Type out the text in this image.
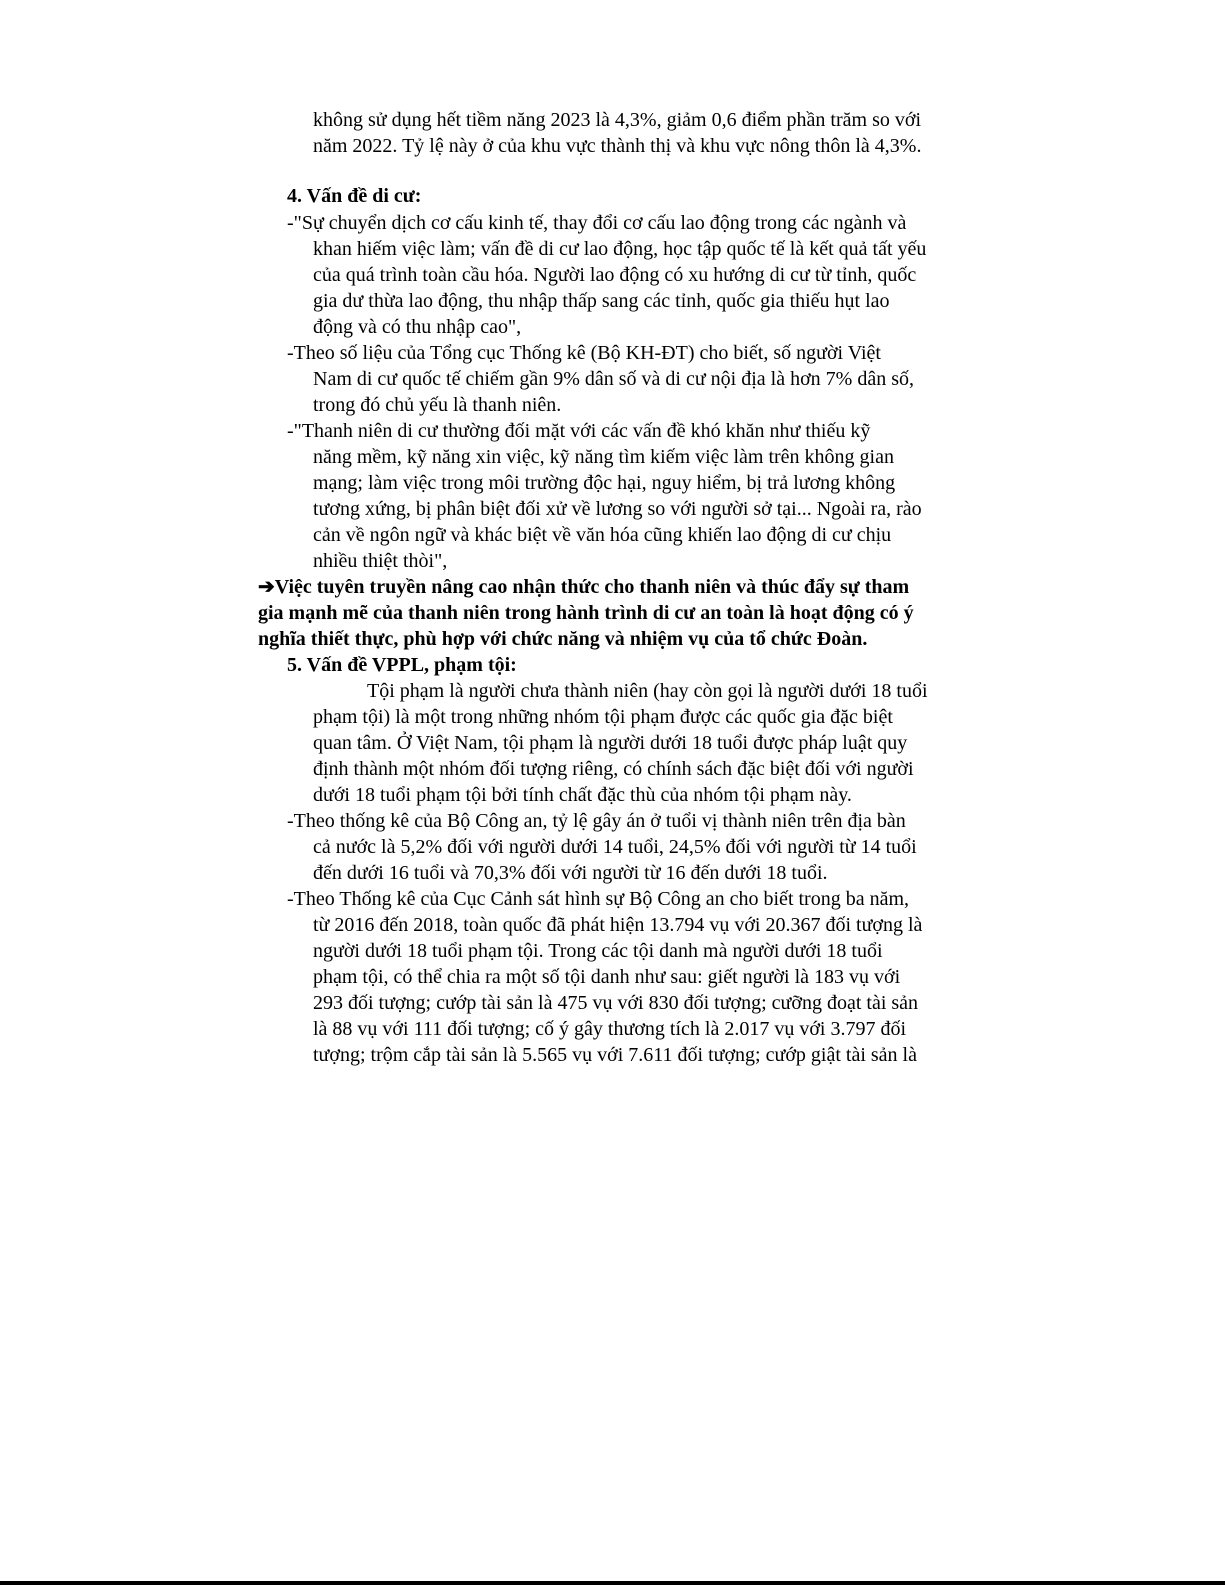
không sử dụng hết tiềm năng 2023 là 4,3%, giảm 0,6 điểm phần trăm so với
năm 2022. Tỷ lệ này ở của khu vực thành thị và khu vực nông thôn là 4,3%.
4. Vấn đề di cư:
-"Sự chuyển dịch cơ cấu kinh tế, thay đổi cơ cấu lao động trong các ngành và
khan hiếm việc làm; vấn đề di cư lao động, học tập quốc tế là kết quả tất yếu
của quá trình toàn cầu hóa. Người lao động có xu hướng di cư từ tỉnh, quốc
gia dư thừa lao động, thu nhập thấp sang các tỉnh, quốc gia thiếu hụt lao
động và có thu nhập cao",
-Theo số liệu của Tổng cục Thống kê (Bộ KH-ĐT) cho biết, số người Việt
Nam di cư quốc tế chiếm gần 9% dân số và di cư nội địa là hơn 7% dân số,
trong đó chủ yếu là thanh niên.
-"Thanh niên di cư thường đối mặt với các vấn đề khó khăn như thiếu kỹ
năng mềm, kỹ năng xin việc, kỹ năng tìm kiếm việc làm trên không gian
mạng; làm việc trong môi trường độc hại, nguy hiểm, bị trả lương không
tương xứng, bị phân biệt đối xử về lương so với người sở tại... Ngoài ra, rào
cản về ngôn ngữ và khác biệt về văn hóa cũng khiến lao động di cư chịu
nhiều thiệt thòi",
➔Việc tuyên truyền nâng cao nhận thức cho thanh niên và thúc đẩy sự tham
gia mạnh mẽ của thanh niên trong hành trình di cư an toàn là hoạt động có ý
nghĩa thiết thực, phù hợp với chức năng và nhiệm vụ của tổ chức Đoàn.
5. Vấn đề VPPL, phạm tội:
Tội phạm là người chưa thành niên (hay còn gọi là người dưới 18 tuổi
phạm tội) là một trong những nhóm tội phạm được các quốc gia đặc biệt
quan tâm. Ở Việt Nam, tội phạm là người dưới 18 tuổi được pháp luật quy
định thành một nhóm đối tượng riêng, có chính sách đặc biệt đối với người
dưới 18 tuổi phạm tội bởi tính chất đặc thù của nhóm tội phạm này.
-Theo thống kê của Bộ Công an, tỷ lệ gây án ở tuổi vị thành niên trên địa bàn
cả nước là 5,2% đối với người dưới 14 tuổi, 24,5% đối với người từ 14 tuổi
đến dưới 16 tuổi và 70,3% đối với người từ 16 đến dưới 18 tuổi.
-Theo Thống kê của Cục Cảnh sát hình sự Bộ Công an cho biết trong ba năm,
từ 2016 đến 2018, toàn quốc đã phát hiện 13.794 vụ với 20.367 đối tượng là
người dưới 18 tuổi phạm tội. Trong các tội danh mà người dưới 18 tuổi
phạm tội, có thể chia ra một số tội danh như sau: giết người là 183 vụ với
293 đối tượng; cướp tài sản là 475 vụ với 830 đối tượng; cưỡng đoạt tài sản
là 88 vụ với 111 đối tượng; cố ý gây thương tích là 2.017 vụ với 3.797 đối
tượng; trộm cắp tài sản là 5.565 vụ với 7.611 đối tượng; cướp giật tài sản là
